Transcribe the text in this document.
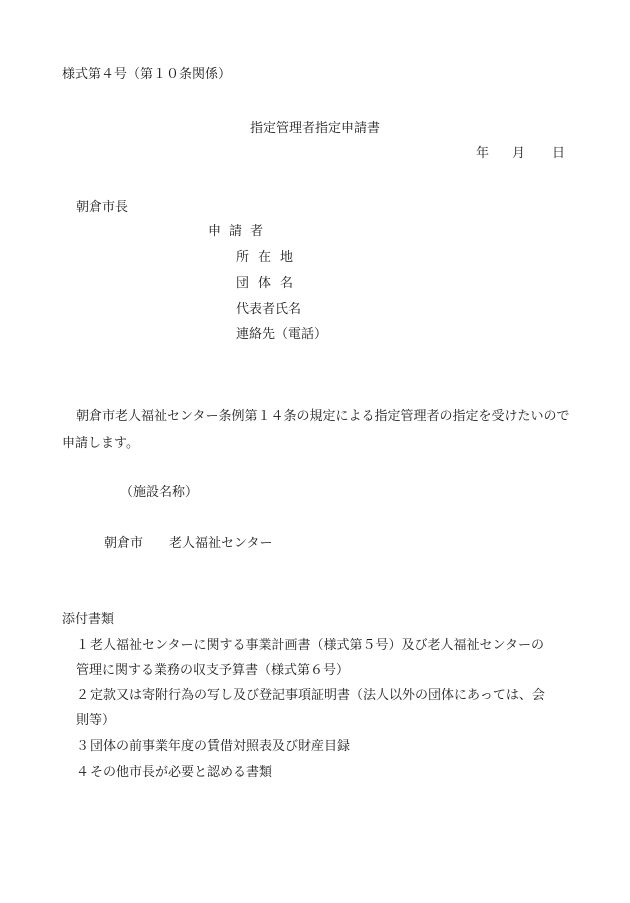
様式第４号（第１０条関係）
指定管理者指定申請書
年 月 日
朝倉市長
申請者
所在地
団体名
代表者氏名
連絡先（電話）
朝倉市老人福祉センター条例第１４条の規定による指定管理者の指定を受けたいので申請します。
（施設名称）
朝倉市 老人福祉センター
添付書類
１ 老人福祉センターに関する事業計画書（様式第５号）及び老人福祉センターの
管理に関する業務の収支予算書（様式第６号）
２ 定款又は寄附行為の写し及び登記事項証明書（法人以外の団体にあっては、会
則等）
３ 団体の前事業年度の賃借対照表及び財産目録
４ その他市長が必要と認める書類
